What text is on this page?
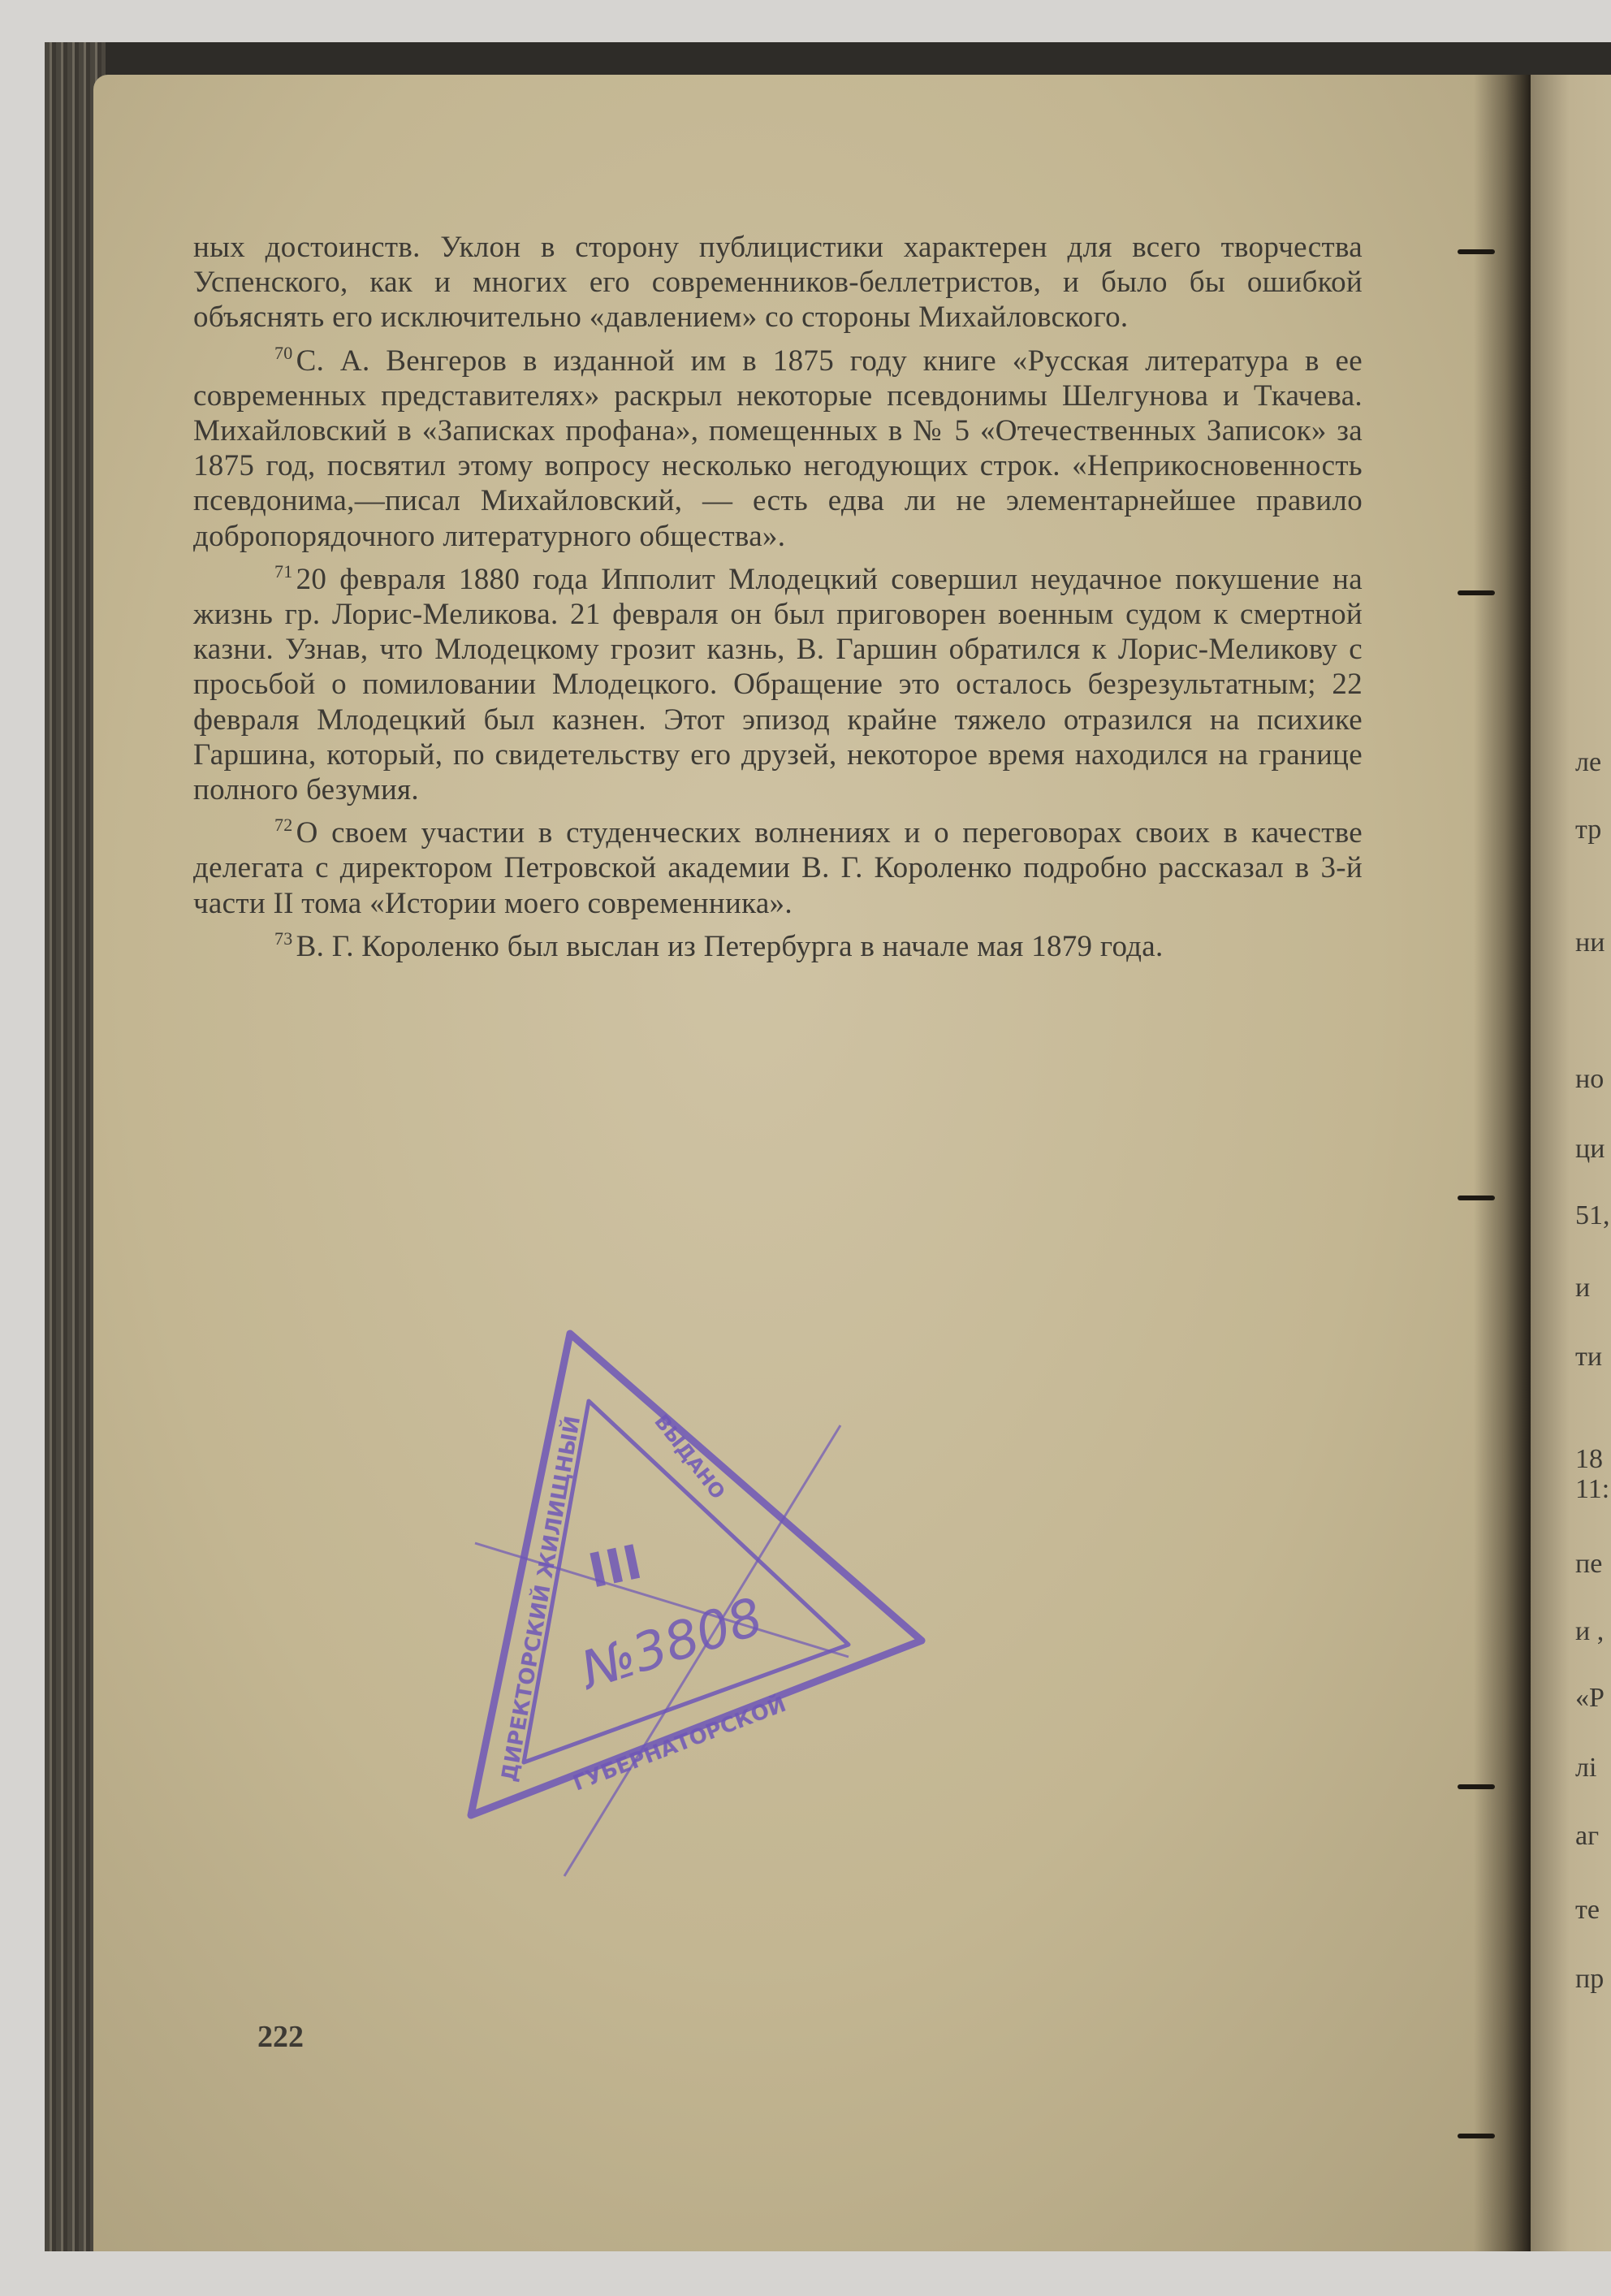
ных достоинств. Уклон в сторону публицистики характерен для всего творчества Успенского, как и многих его современников-беллетристов, и было бы ошибкой объяснять его исключительно «давлением» со стороны Михайловского.

$^{70}$ С. А. Венгеров в изданной им в 1875 году книге «Русская литература в ее современных представителях» раскрыл некоторые псевдонимы Шелгунова и Ткачева. Михайловский в «Записках профана», помещенных в № 5 «Отечественных Записок» за 1875 год, посвятил этому вопросу несколько негодующих строк. «Неприкосновенность псевдонима,—писал Михайловский, — есть едва ли не элементарнейшее правило добропорядочного литературного общества».

$^{71}$ 20 февраля 1880 года Ипполит Млодецкий совершил неудачное покушение на жизнь гр. Лорис-Меликова. 21 февраля он был приговорен военным судом к смертной казни. Узнав, что Млодецкому грозит казнь, В. Гаршин обратился к Лорис-Меликову с просьбой о помиловании Млодецкого. Обращение это осталось безрезультатным; 22 февраля Млодецкий был казнен. Этот эпизод крайне тяжело отразился на психике Гаршина, который, по свидетельству его друзей, некоторое время находился на границе полного безумия.

$^{72}$ О своем участии в студенческих волнениях и о переговорах своих в качестве делегата с директором Петровской академии В. Г. Короленко подробно рассказал в 3-й части II тома «Истории моего современника».

$^{73}$ В. Г. Короленко был выслан из Петербурга в начале мая 1879 года.

222
ле
тр
ни
но
ци
51,
и
ти
18
11:
пе
и ,
«Р
лі
аг
те
пр
ДИРЕКТОРСКИЙ ЖИЛИЩНЫЙ
ГУБЕРНАТОРСКОЙ
ВЫДАНО
III
№3808
